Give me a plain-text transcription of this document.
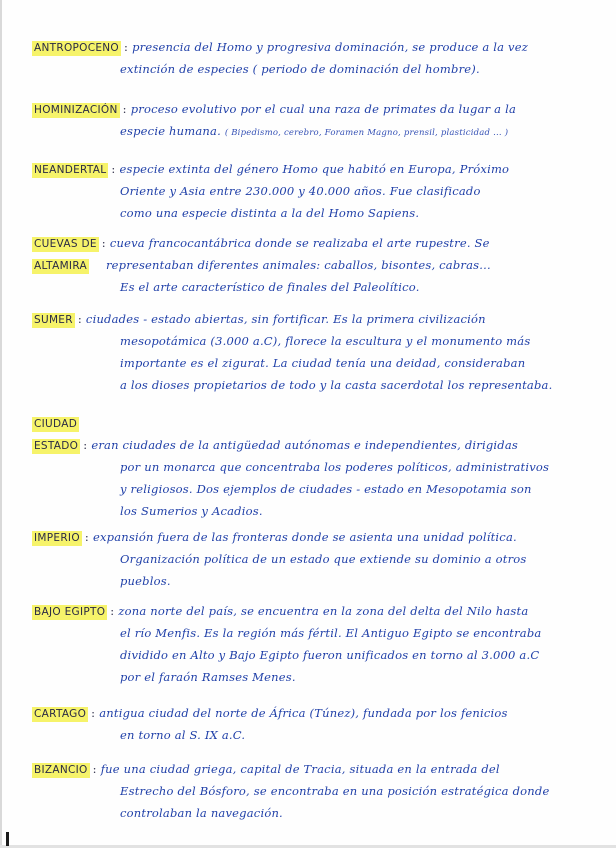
ANTROPOCENO : presencia del Homo y progresiva dominación, se produce a la vez
extinción de especies ( periodo de dominación del hombre).
HOMINIZACIÓN : proceso evolutivo por el cual una raza de primates da lugar a la
especie humana. ( Bipedismo, cerebro, Foramen Magno, prensil, plasticidad ... )
NEANDERTAL : especie extinta del género Homo que habitó en Europa, Próximo
Oriente y Asia entre 230.000 y 40.000 años. Fue clasificado
como una especie distinta a la del Homo Sapiens.
CUEVAS DE : cueva francocantábrica donde se realizaba el arte rupestre. Se
ALTAMIRA representaban diferentes animales: caballos, bisontes, cabras...
Es el arte característico de finales del Paleolítico.
SUMER : ciudades - estado abiertas, sin fortificar. Es la primera civilización
mesopotámica (3.000 a.C), florece la escultura y el monumento más
importante es el zigurat. La ciudad tenía una deidad, consideraban
a los dioses propietarios de todo y la casta sacerdotal los representaba.
CIUDAD
ESTADO : eran ciudades de la antigüedad autónomas e independientes, dirigidas
por un monarca que concentraba los poderes políticos, administrativos
y religiosos. Dos ejemplos de ciudades - estado en Mesopotamia son
los Sumerios y Acadios.
IMPERIO : expansión fuera de las fronteras donde se asienta una unidad política.
Organización política de un estado que extiende su dominio a otros
pueblos.
BAJO EGIPTO : zona norte del país, se encuentra en la zona del delta del Nilo hasta
el río Menfis. Es la región más fértil. El Antiguo Egipto se encontraba
dividido en Alto y Bajo Egipto fueron unificados en torno al 3.000 a.C
por el faraón Ramses Menes.
CARTAGO : antigua ciudad del norte de África (Túnez), fundada por los fenicios
en torno al S. IX a.C.
BIZANCIO : fue una ciudad griega, capital de Tracia, situada en la entrada del
Estrecho del Bósforo, se encontraba en una posición estratégica donde
controlaban la navegación.
